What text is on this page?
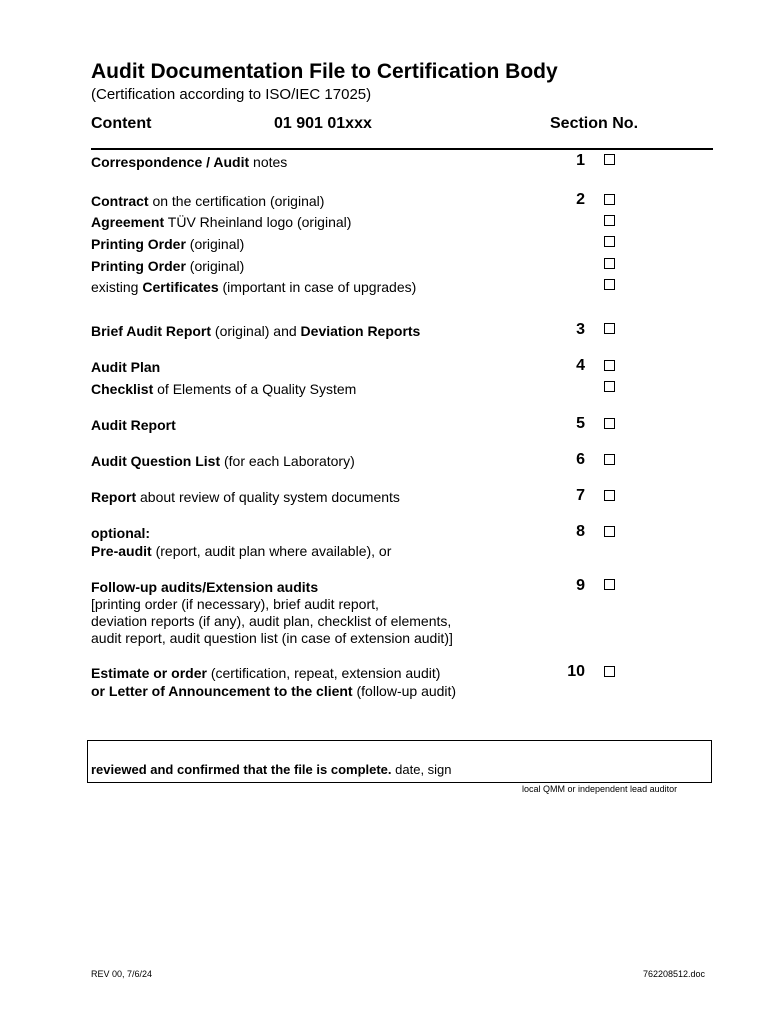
Audit Documentation File to Certification Body
(Certification according to ISO/IEC 17025)
Content	01 901 01xxx	Section No.
Correspondence / Audit notes	1
Contract on the certification (original)	2
Agreement TÜV Rheinland logo (original)
Printing Order (original)
Printing Order (original)
existing Certificates (important in case of upgrades)
Brief Audit Report (original) and Deviation Reports	3
Audit Plan	4
Checklist of Elements of a Quality System
Audit Report	5
Audit Question List (for each Laboratory)	6
Report about review of quality system documents	7
optional:	8
Pre-audit (report, audit plan where available), or
Follow-up audits/Extension audits	9
[printing order (if necessary), brief audit report,
deviation reports (if any), audit plan, checklist of elements,
audit report, audit question list (in case of extension audit)]
Estimate or order (certification, repeat, extension audit)	10
or Letter of Announcement to the client (follow-up audit)
reviewed and confirmed that the file is complete. date, sign
local QMM or independent lead auditor
REV 00, 7/6/24	762208512.doc
